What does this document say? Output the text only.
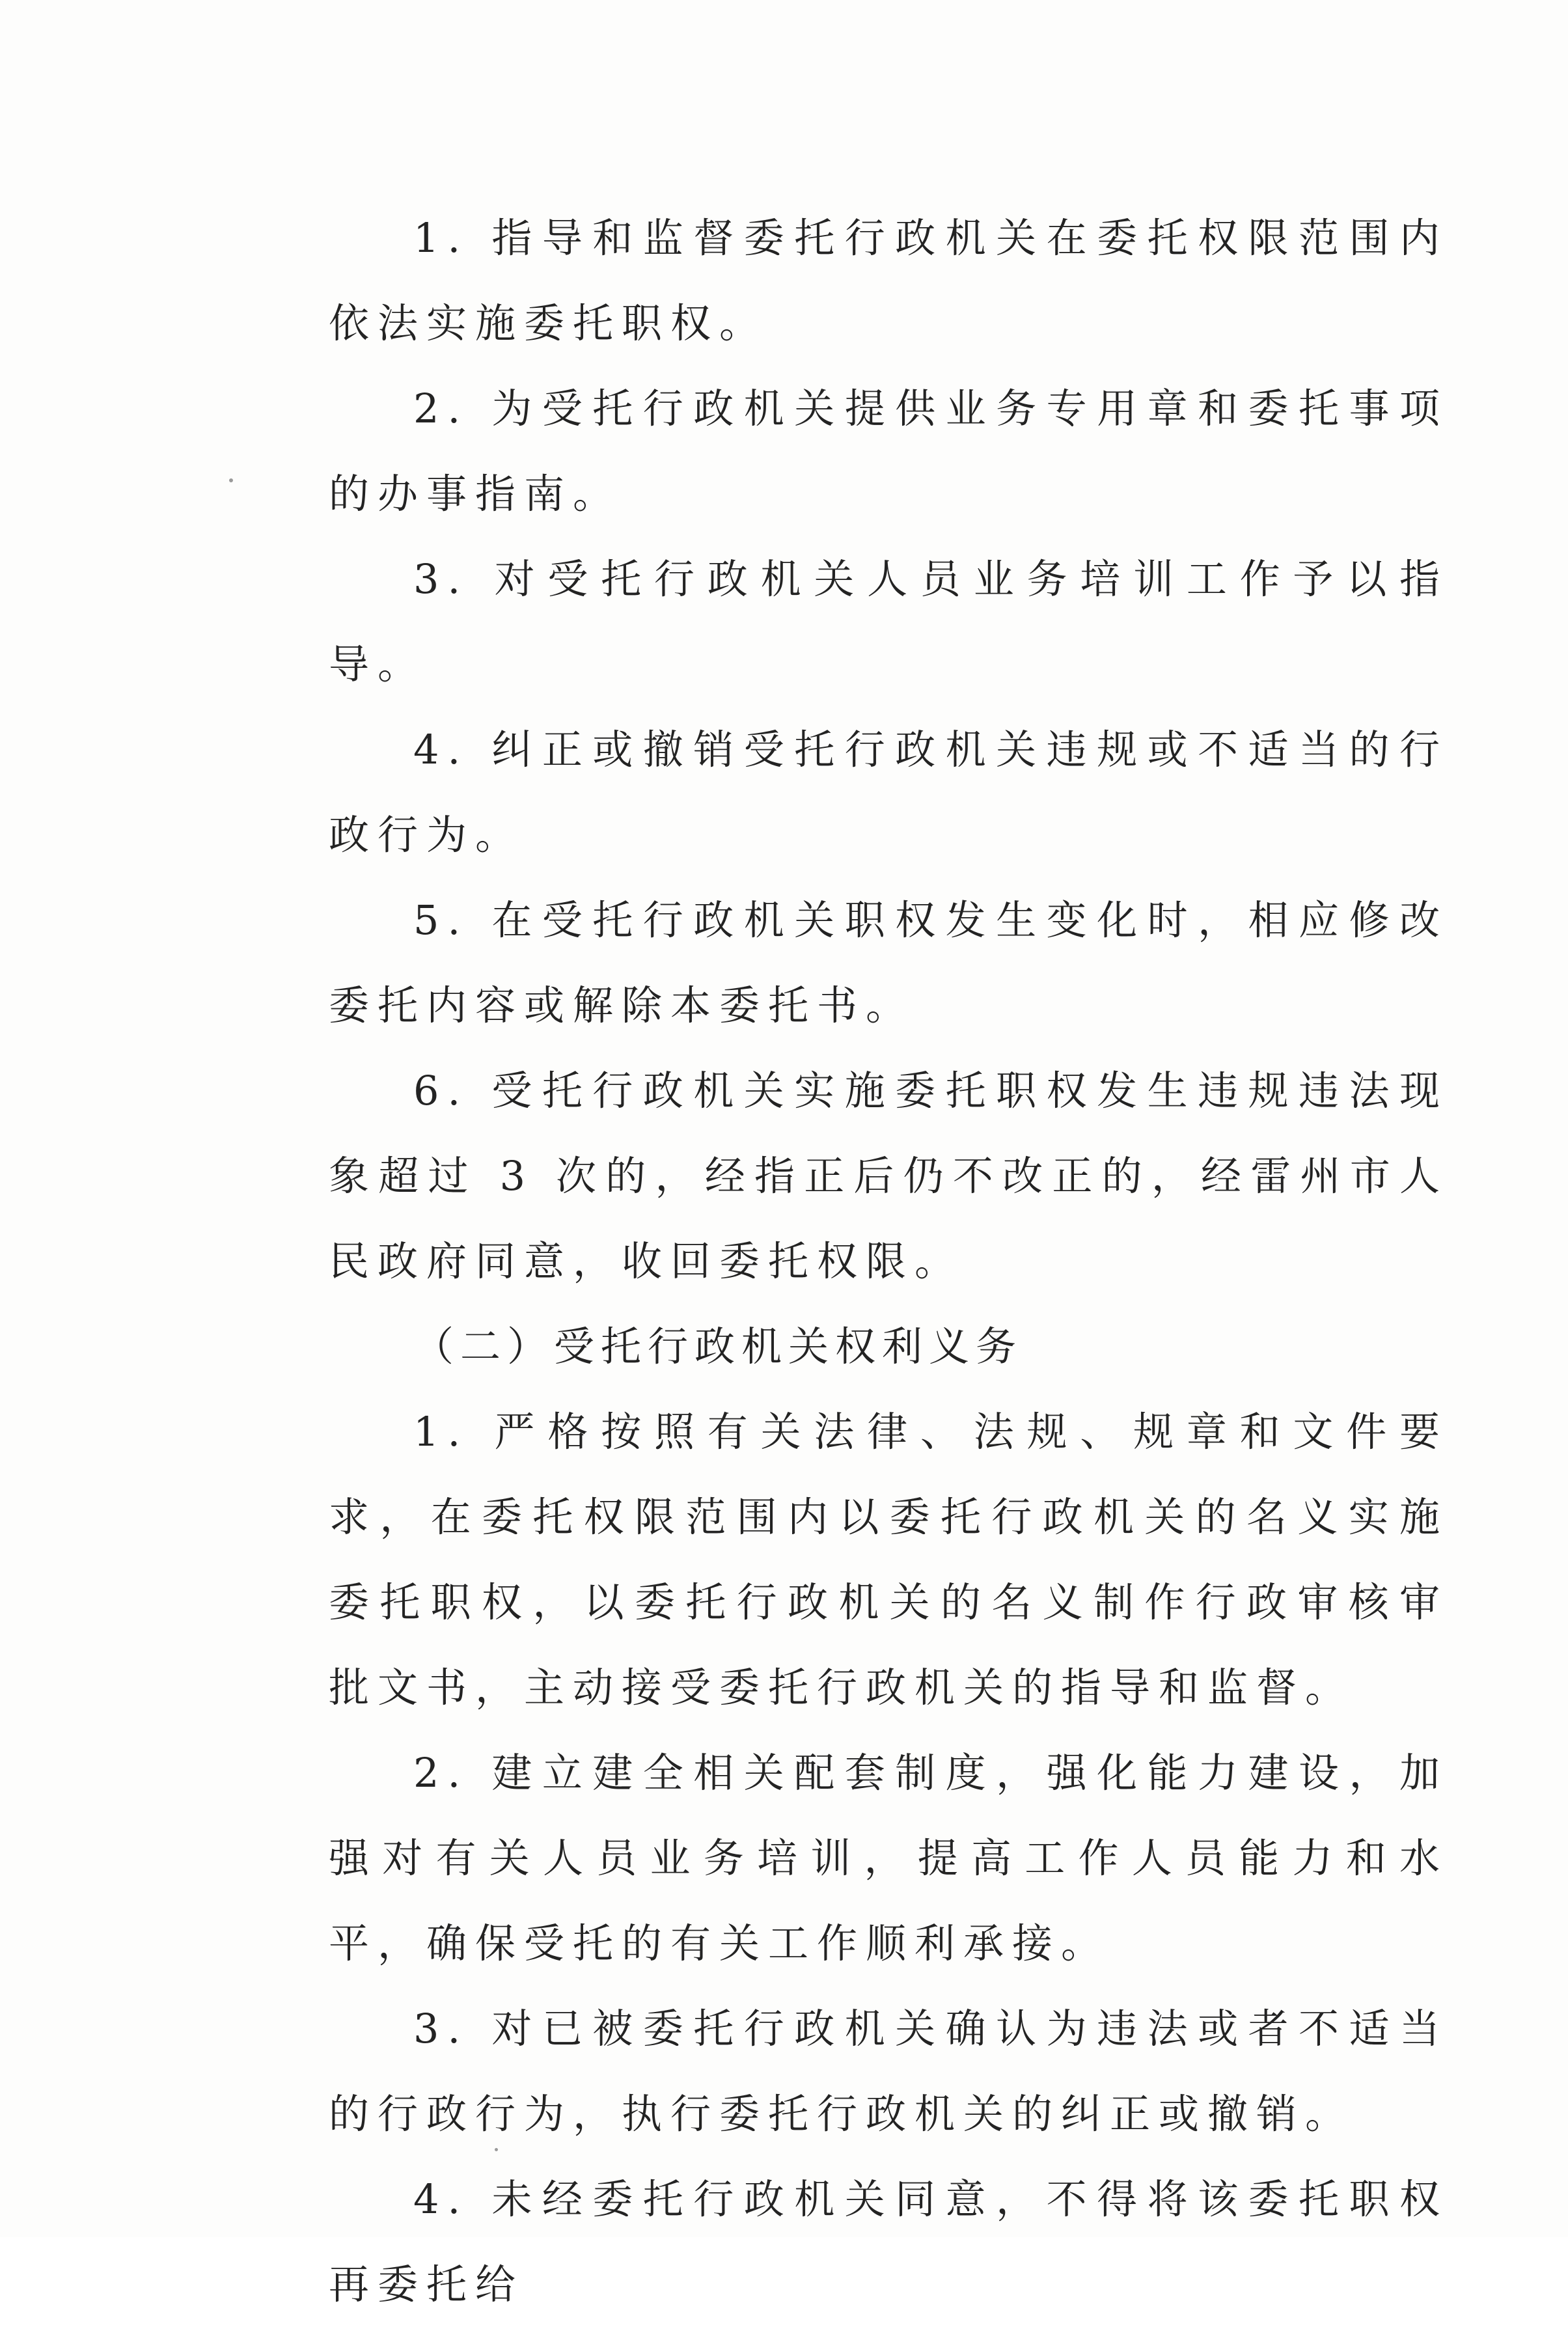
1. 指导和监督委托行政机关在委托权限范围内依法实施委托职权。

2. 为受托行政机关提供业务专用章和委托事项的办事指南。

3. 对受托行政机关人员业务培训工作予以指导。

4. 纠正或撤销受托行政机关违规或不适当的行政行为。

5. 在受托行政机关职权发生变化时，相应修改委托内容或解除本委托书。

6. 受托行政机关实施委托职权发生违规违法现象超过 3 次的，经指正后仍不改正的，经雷州市人民政府同意，收回委托权限。

（二）受托行政机关权利义务

1. 严格按照有关法律、法规、规章和文件要求，在委托权限范围内以委托行政机关的名义实施委托职权，以委托行政机关的名义制作行政审核审批文书，主动接受委托行政机关的指导和监督。

2. 建立建全相关配套制度，强化能力建设，加强对有关人员业务培训，提高工作人员能力和水平，确保受托的有关工作顺利承接。

3. 对已被委托行政机关确认为违法或者不适当的行政行为，执行委托行政机关的纠正或撤销。

4. 未经委托行政机关同意，不得将该委托职权再委托给
